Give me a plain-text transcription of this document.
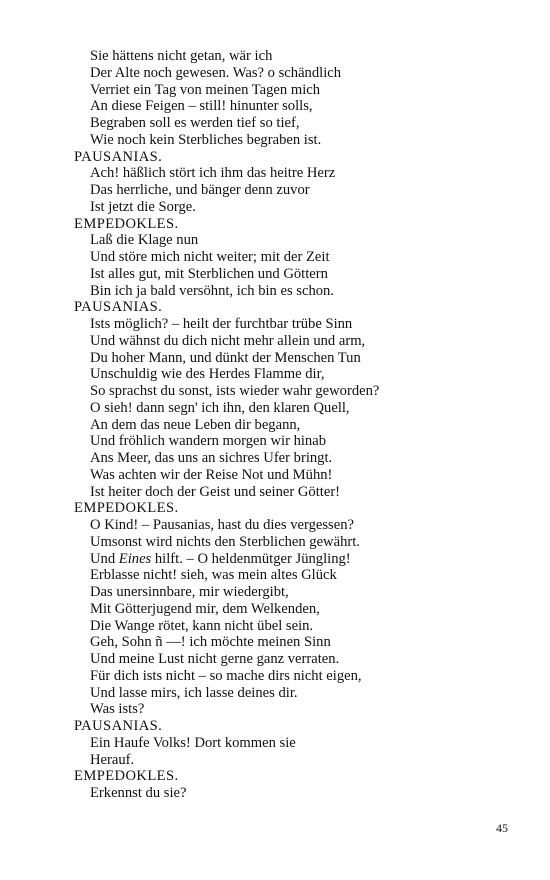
Sie hättens nicht getan, wär ich
Der Alte noch gewesen. Was? o schändlich
Verriet ein Tag von meinen Tagen mich
An diese Feigen – still! hinunter solls,
Begraben soll es werden tief so tief,
Wie noch kein Sterbliches begraben ist.
PAUSANIAS.
Ach! häßlich stört ich ihm das heitre Herz
Das herrliche, und bänger denn zuvor
Ist jetzt die Sorge.
EMPEDOKLES.
Laß die Klage nun
Und störe mich nicht weiter; mit der Zeit
Ist alles gut, mit Sterblichen und Göttern
Bin ich ja bald versöhnt, ich bin es schon.
PAUSANIAS.
Ists möglich? – heilt der furchtbar trübe Sinn
Und wähnst du dich nicht mehr allein und arm,
Du hoher Mann, und dünkt der Menschen Tun
Unschuldig wie des Herdes Flamme dir,
So sprachst du sonst, ists wieder wahr geworden?
O sieh! dann segn' ich ihn, den klaren Quell,
An dem das neue Leben dir begann,
Und fröhlich wandern morgen wir hinab
Ans Meer, das uns an sichres Ufer bringt.
Was achten wir der Reise Not und Mühn!
Ist heiter doch der Geist und seiner Götter!
EMPEDOKLES.
O Kind! – Pausanias, hast du dies vergessen?
Umsonst wird nichts den Sterblichen gewährt.
Und Eines hilft. – O heldenmütger Jüngling!
Erblasse nicht! sieh, was mein altes Glück
Das unersinnbare, mir wiedergibt,
Mit Götterjugend mir, dem Welkenden,
Die Wange rötet, kann nicht übel sein.
Geh, Sohn ñ —! ich möchte meinen Sinn
Und meine Lust nicht gerne ganz verraten.
Für dich ists nicht – so mache dirs nicht eigen,
Und lasse mirs, ich lasse deines dir.
Was ists?
PAUSANIAS.
Ein Haufe Volks! Dort kommen sie
Herauf.
EMPEDOKLES.
Erkennst du sie?
45
